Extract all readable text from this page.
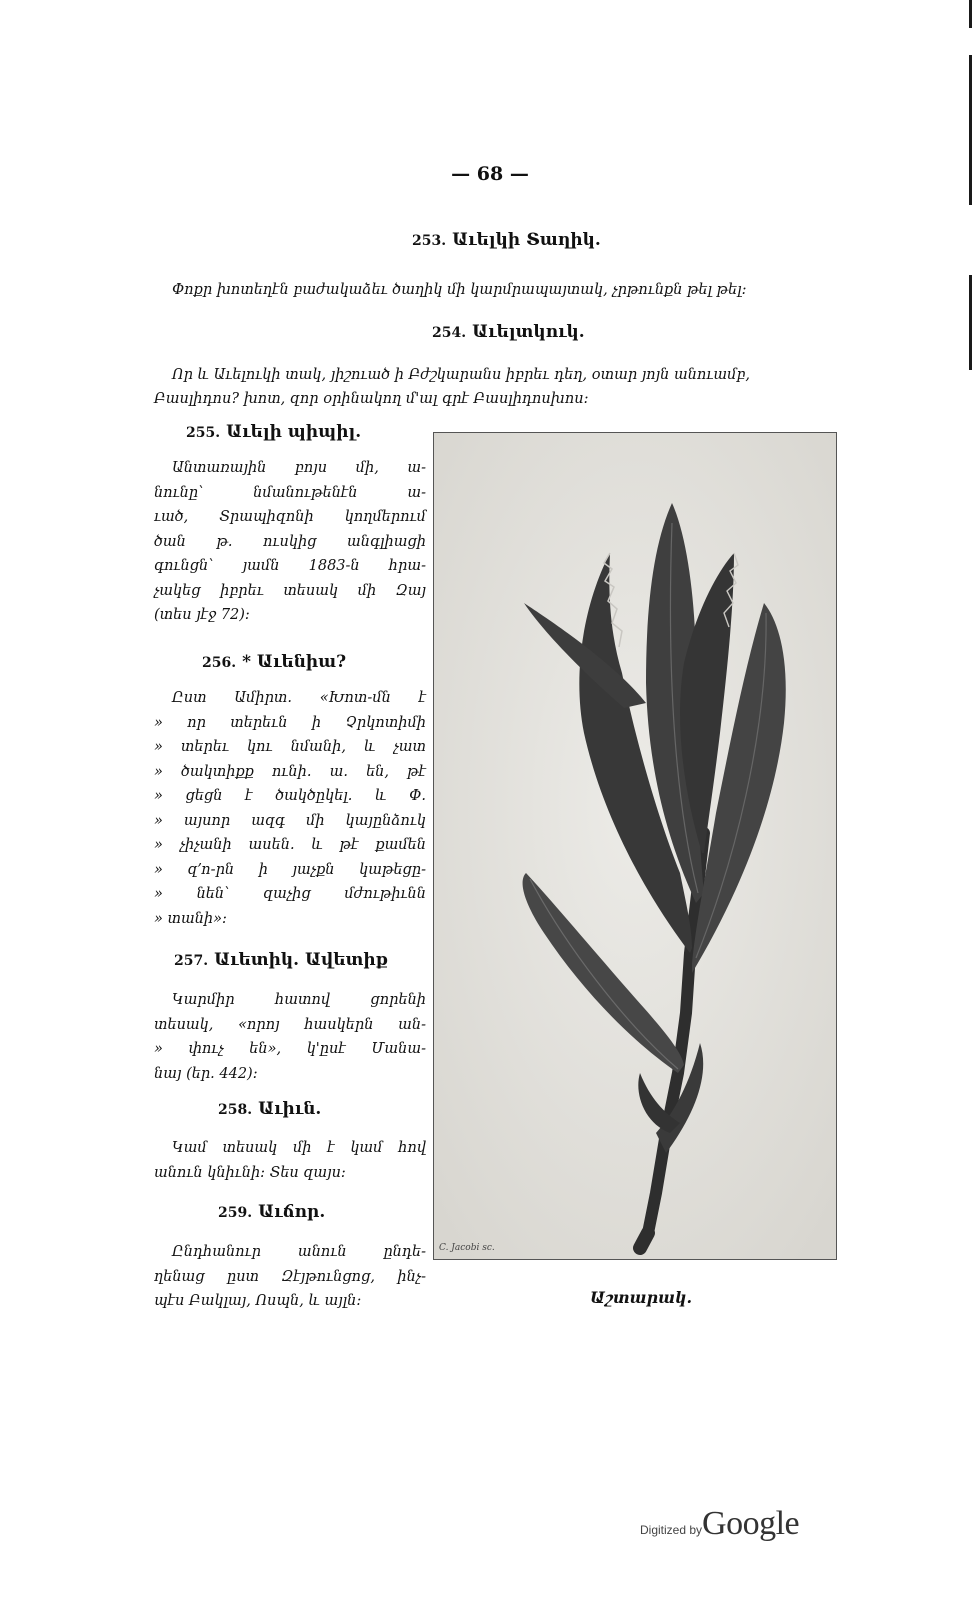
— 68 —
253. Աւելկի Տաղիկ.
Փոքր խոտեղէն բաժակաձեւ ծաղիկ մի կարմրապայտակ, չրթունքն թել թել։
254. Աւելտկուկ.
Որ և Աւելուկի տակ, յիշուած ի Բժշկարանս իբրեւ դեղ, օտար յոյն անուամբ,
Բասլիդոս? խոտ, զոր օրինակող մ'ալ գրէ Բասլիդոսխոս։
255. Աւելի պիպիլ.
Անտառային բոյս մի, ա-
նունը՝ նմանութենէն ա-
ւած, Տրապիզոնի կողմերում
ծան թ. ուսկից անգլիացի
գունցն՝ յամն 1883-ն հրա-
չակեց իբրեւ տեսակ մի Զայ
(տես յէջ 72)։
256. * Աւենիա?
Ըստ Ամիրտ. «Խոտ-մն է
» որ տերեւն ի Չրկոտիմի
» տերեւ կու նմանի, և չատ
» ծակտիքք ունի. ա. են, թէ
» ցեցն է ծակծըկել. և Փ.
» այսոր ազգ մի կայընձուկ
» չիչանի ասեն. և թէ քամեն
» զ՚ո-րն ի յաչքն կաթեցը-
» նեն՝ զաչից մժութիւնն
» տանի»։
257. Աւետիկ. Ավետիք
Կարմիր հատով ցորենի
տեսակ, «որոյ հասկերն ան-
» փուչ են», կ'ըսէ Մանա-
նայ (եր. 442)։
258. Աւիւն.
Կամ տեսակ մի է կամ հով
անուն կնիւնի։ Տես զայս։
259. Աւճոր.
Ընդհանուր անուն ընդե-
ղենաց ըստ Զէյթունցոց, ինչ-
պէս Բակլայ, Ոսպն, և այլն։
C. Jacobi sc.
Աշտարակ.
Digitized byGoogle
